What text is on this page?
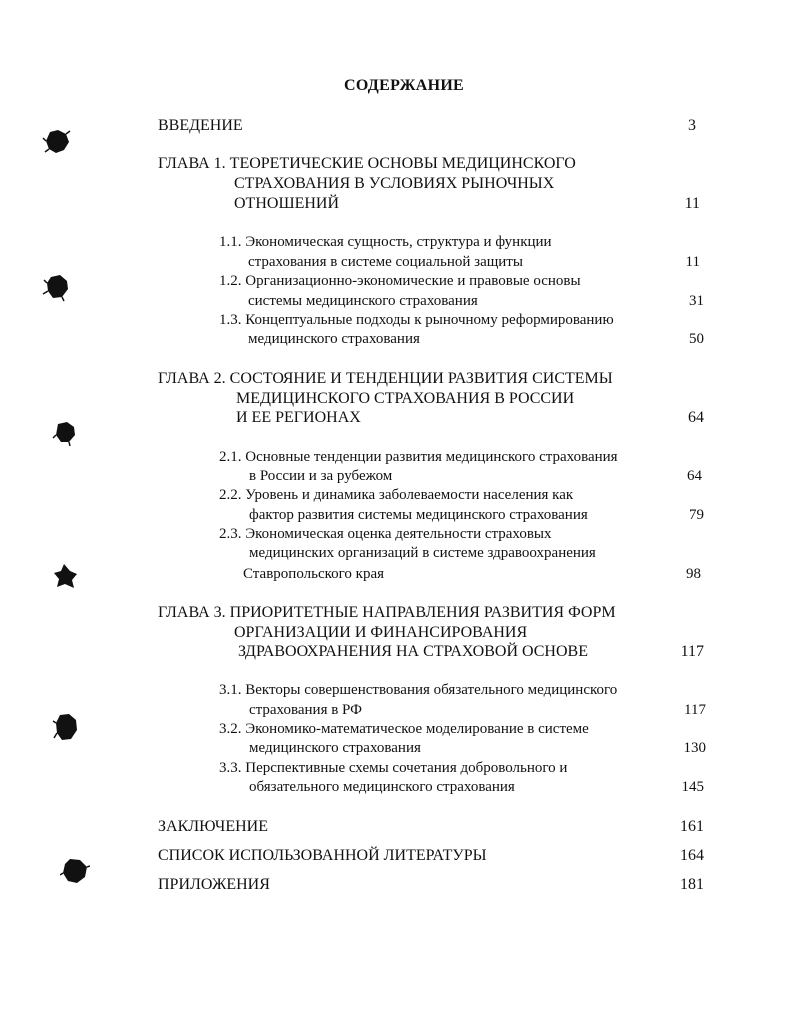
СОДЕРЖАНИЕ
ВВЕДЕНИЕ	3
ГЛАВА 1. ТЕОРЕТИЧЕСКИЕ ОСНОВЫ МЕДИЦИНСКОГО
СТРАХОВАНИЯ В УСЛОВИЯХ РЫНОЧНЫХ
ОТНОШЕНИЙ	11
1.1. Экономическая сущность, структура и функции
страхования в системе социальной защиты	11
1.2. Организационно-экономические и правовые основы
системы медицинского страхования	31
1.3. Концептуальные подходы к рыночному реформированию
медицинского страхования	50
ГЛАВА 2. СОСТОЯНИЕ И ТЕНДЕНЦИИ РАЗВИТИЯ СИСТЕМЫ
МЕДИЦИНСКОГО СТРАХОВАНИЯ В РОССИИ
И ЕЕ РЕГИОНАХ	64
2.1. Основные тенденции развития медицинского страхования
в России и за рубежом	64
2.2. Уровень и динамика заболеваемости населения как
фактор развития системы медицинского страхования	79
2.3. Экономическая оценка деятельности страховых
медицинских организаций в системе здравоохранения
Ставропольского края	98
ГЛАВА 3. ПРИОРИТЕТНЫЕ НАПРАВЛЕНИЯ РАЗВИТИЯ ФОРМ
ОРГАНИЗАЦИИ И ФИНАНСИРОВАНИЯ
ЗДРАВООХРАНЕНИЯ НА СТРАХОВОЙ ОСНОВЕ	117
3.1. Векторы совершенствования обязательного медицинского
страхования в РФ	117
3.2. Экономико-математическое моделирование в системе
медицинского страхования	130
3.3. Перспективные схемы сочетания добровольного и
обязательного медицинского страхования	145
ЗАКЛЮЧЕНИЕ	161
СПИСОК ИСПОЛЬЗОВАННОЙ ЛИТЕРАТУРЫ	164
ПРИЛОЖЕНИЯ	181
